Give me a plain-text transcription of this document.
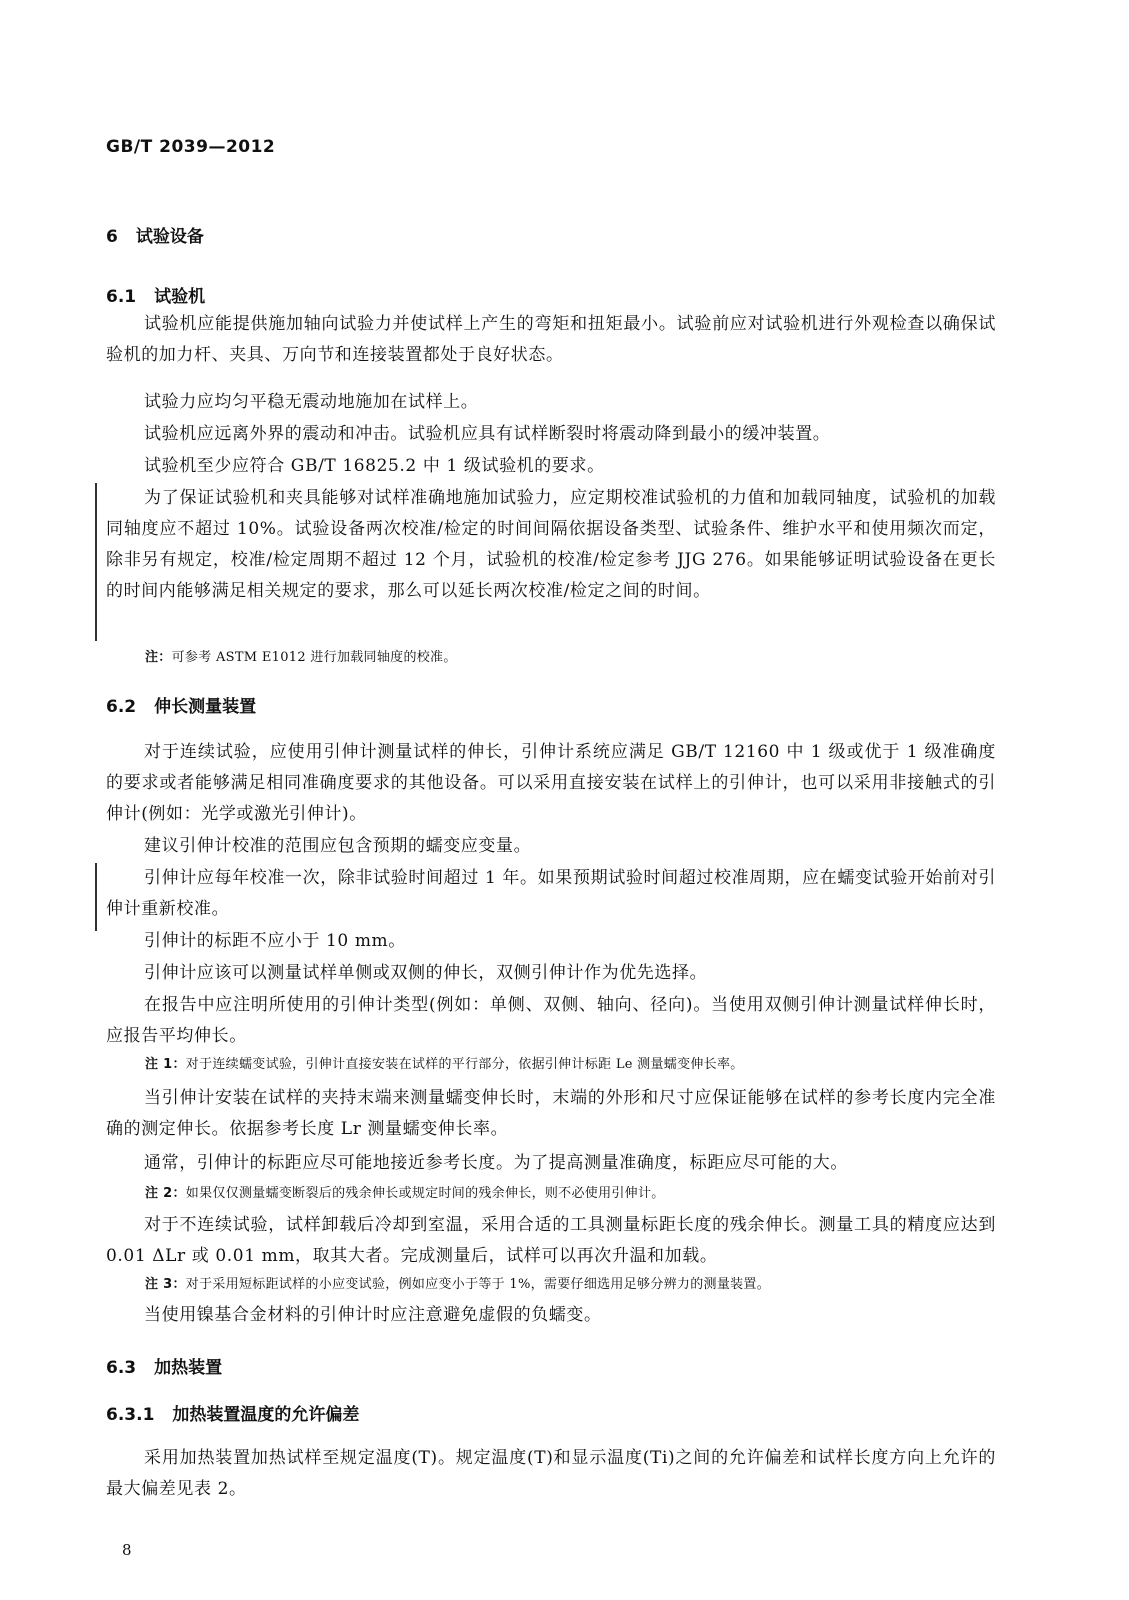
GB/T 2039—2012
6 试验设备
6.1 试验机

试验机应能提供施加轴向试验力并使试样上产生的弯矩和扭矩最小。试验前应对试验机进行外观检查以确保试验机的加力杆、夹具、万向节和连接装置都处于良好状态。

试验力应均匀平稳无震动地施加在试样上。

试验机应远离外界的震动和冲击。试验机应具有试样断裂时将震动降到最小的缓冲装置。

试验机至少应符合 GB/T 16825.2 中 1 级试验机的要求。

为了保证试验机和夹具能够对试样准确地施加试验力，应定期校准试验机的力值和加载同轴度，试验机的加载同轴度应不超过 10%。试验设备两次校准/检定的时间间隔依据设备类型、试验条件、维护水平和使用频次而定，除非另有规定，校准/检定周期不超过 12 个月，试验机的校准/检定参考 JJG 276。如果能够证明试验设备在更长的时间内能够满足相关规定的要求，那么可以延长两次校准/检定之间的时间。

注：可参考 ASTM E1012 进行加载同轴度的校准。
6.2 伸长测量装置

对于连续试验，应使用引伸计测量试样的伸长，引伸计系统应满足 GB/T 12160 中 1 级或优于 1 级准确度的要求或者能够满足相同准确度要求的其他设备。可以采用直接安装在试样上的引伸计，也可以采用非接触式的引伸计(例如：光学或激光引伸计)。

建议引伸计校准的范围应包含预期的蠕变应变量。

引伸计应每年校准一次，除非试验时间超过 1 年。如果预期试验时间超过校准周期，应在蠕变试验开始前对引伸计重新校准。

引伸计的标距不应小于 10 mm。

引伸计应该可以测量试样单侧或双侧的伸长，双侧引伸计作为优先选择。

在报告中应注明所使用的引伸计类型(例如：单侧、双侧、轴向、径向)。当使用双侧引伸计测量试样伸长时，应报告平均伸长。

注 1：对于连续蠕变试验，引伸计直接安装在试样的平行部分，依据引伸计标距 Le 测量蠕变伸长率。

当引伸计安装在试样的夹持末端来测量蠕变伸长时，末端的外形和尺寸应保证能够在试样的参考长度内完全准确的测定伸长。依据参考长度 Lr 测量蠕变伸长率。

通常，引伸计的标距应尽可能地接近参考长度。为了提高测量准确度，标距应尽可能的大。

注 2：如果仅仅测量蠕变断裂后的残余伸长或规定时间的残余伸长，则不必使用引伸计。

对于不连续试验，试样卸载后冷却到室温，采用合适的工具测量标距长度的残余伸长。测量工具的精度应达到 0.01 ΔLr 或 0.01 mm，取其大者。完成测量后，试样可以再次升温和加载。

注 3：对于采用短标距试样的小应变试验，例如应变小于等于 1%，需要仔细选用足够分辨力的测量装置。

当使用镍基合金材料的引伸计时应注意避免虚假的负蠕变。

6.3 加热装置
6.3.1 加热装置温度的允许偏差

采用加热装置加热试样至规定温度(T)。规定温度(T)和显示温度(Ti)之间的允许偏差和试样长度方向上允许的最大偏差见表 2。

8
